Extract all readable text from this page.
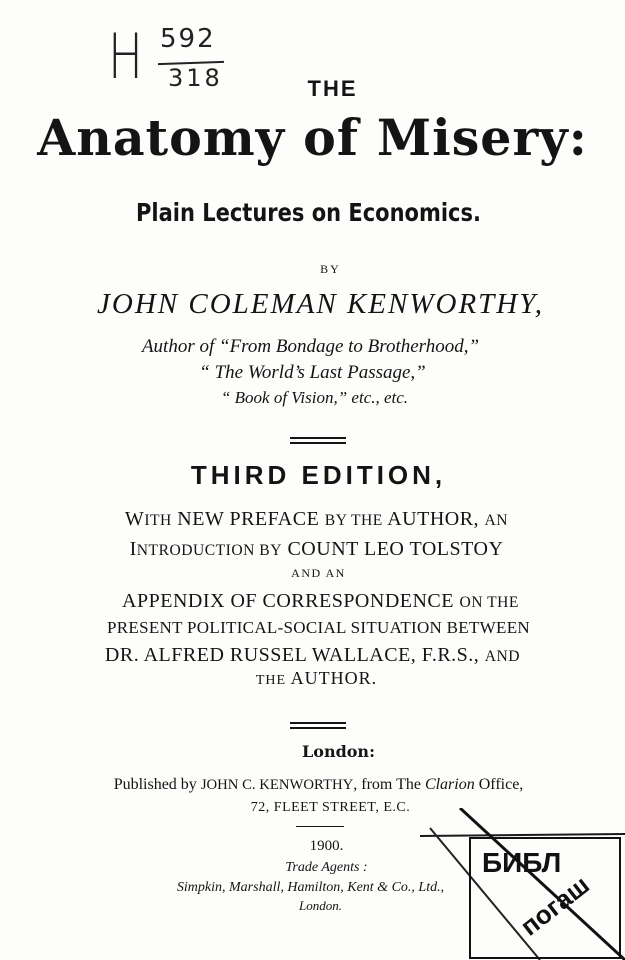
H 592
318	THE
Anatomy of Misery:
Plain Lectures on Economics.
BY
JOHN COLEMAN KENWORTHY,
Author of “From Bondage to Brotherhood,”
“ The World’s Last Passage,”
“ Book of Vision,” etc., etc.
THIRD EDITION,
WITH NEW PREFACE BY THE AUTHOR, AN
INTRODUCTION BY COUNT LEO TOLSTOY
AND AN
APPENDIX OF CORRESPONDENCE ON THE
PRESENT POLITICAL-SOCIAL SITUATION BETWEEN
DR. ALFRED RUSSEL WALLACE, F.R.S., AND
THE AUTHOR.
London:
Published by JOHN C. KENWORTHY, from The Clarion Office,
72, FLEET STREET, E.C.
1900.
Trade Agents :
Simpkin, Marshall, Hamilton, Kent & Co., Ltd.,
London.
БИБЛ
погаш
